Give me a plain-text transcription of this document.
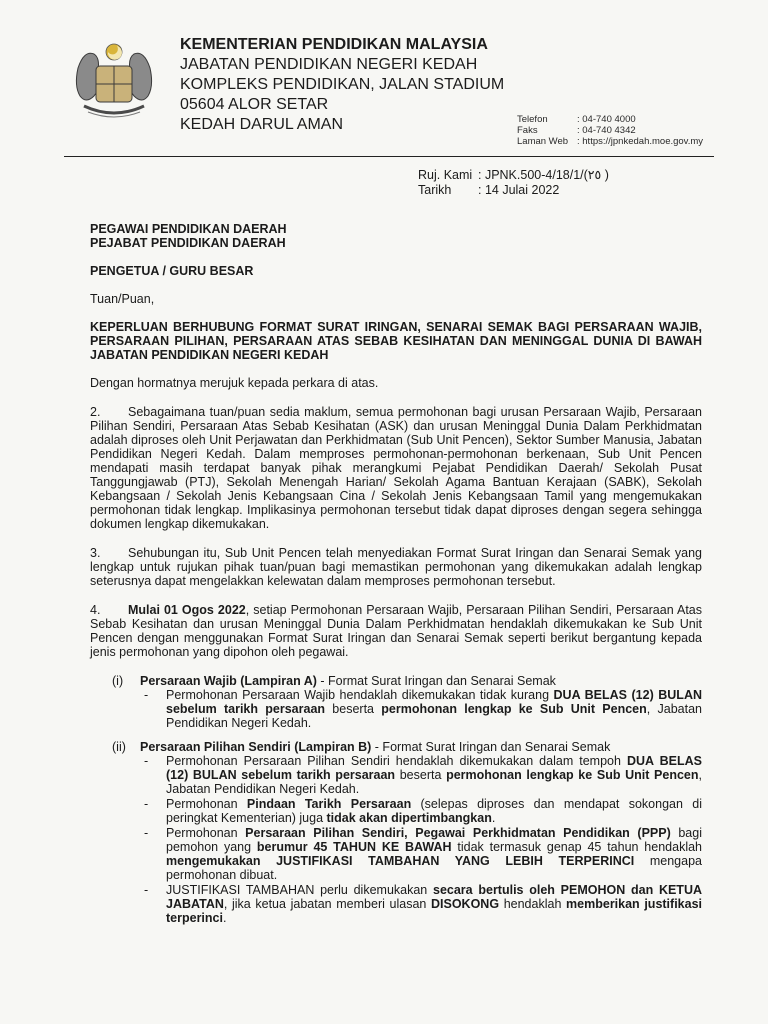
KEMENTERIAN PENDIDIKAN MALAYSIA
JABATAN PENDIDIKAN NEGERI KEDAH
KOMPLEKS PENDIDIKAN, JALAN STADIUM
05604 ALOR SETAR
KEDAH DARUL AMAN	Telefon	: 04-740 4000
Faks	: 04-740 4342
Laman Web : https://jpnkedah.moe.gov.my
Ruj. Kami : JPNK.500-4/18/1/(٢٥ )
Tarikh	: 14 Julai 2022
PEGAWAI PENDIDIKAN DAERAH
PEJABAT PENDIDIKAN DAERAH
PENGETUA / GURU BESAR
Tuan/Puan,
KEPERLUAN BERHUBUNG FORMAT SURAT IRINGAN, SENARAI SEMAK BAGI PERSARAAN WAJIB, PERSARAAN PILIHAN, PERSARAAN ATAS SEBAB KESIHATAN DAN MENINGGAL DUNIA DI BAWAH JABATAN PENDIDIKAN NEGERI KEDAH
Dengan hormatnya merujuk kepada perkara di atas.

2. Sebagaimana tuan/puan sedia maklum, semua permohonan bagi urusan Persaraan Wajib, Persaraan Pilihan Sendiri, Persaraan Atas Sebab Kesihatan (ASK) dan urusan Meninggal Dunia Dalam Perkhidmatan adalah diproses oleh Unit Perjawatan dan Perkhidmatan (Sub Unit Pencen), Sektor Sumber Manusia, Jabatan Pendidikan Negeri Kedah. Dalam memproses permohonan-permohonan berkenaan, Sub Unit Pencen mendapati masih terdapat banyak pihak merangkumi Pejabat Pendidikan Daerah/ Sekolah Pusat Tanggungjawab (PTJ), Sekolah Menengah Harian/ Sekolah Agama Bantuan Kerajaan (SABK), Sekolah Kebangsaan / Sekolah Jenis Kebangsaan Cina / Sekolah Jenis Kebangsaan Tamil yang mengemukakan permohonan tidak lengkap. Implikasinya permohonan tersebut tidak dapat diproses dengan segera sehingga dokumen lengkap dikemukakan.

3. Sehubungan itu, Sub Unit Pencen telah menyediakan Format Surat Iringan dan Senarai Semak yang lengkap untuk rujukan pihak tuan/puan bagi memastikan permohonan yang dikemukakan adalah lengkap seterusnya dapat mengelakkan kelewatan dalam memproses permohonan tersebut.

4. Mulai 01 Ogos 2022, setiap Permohonan Persaraan Wajib, Persaraan Pilihan Sendiri, Persaraan Atas Sebab Kesihatan dan urusan Meninggal Dunia Dalam Perkhidmatan hendaklah dikemukakan ke Sub Unit Pencen dengan menggunakan Format Surat Iringan dan Senarai Semak seperti berikut bergantung kepada jenis permohonan yang dipohon oleh pegawai.

(i)	Persaraan Wajib (Lampiran A) - Format Surat Iringan dan Senarai Semak
-	Permohonan Persaraan Wajib hendaklah dikemukakan tidak kurang DUA BELAS (12) BULAN sebelum tarikh persaraan beserta permohonan lengkap ke Sub Unit Pencen, Jabatan Pendidikan Negeri Kedah.
(ii)	Persaraan Pilihan Sendiri (Lampiran B) - Format Surat Iringan dan Senarai Semak
-	Permohonan Persaraan Pilihan Sendiri hendaklah dikemukakan dalam tempoh DUA BELAS (12) BULAN sebelum tarikh persaraan beserta permohonan lengkap ke Sub Unit Pencen, Jabatan Pendidikan Negeri Kedah.
-	Permohonan Pindaan Tarikh Persaraan (selepas diproses dan mendapat sokongan di peringkat Kementerian) juga tidak akan dipertimbangkan.
-	Permohonan Persaraan Pilihan Sendiri, Pegawai Perkhidmatan Pendidikan (PPP) bagi pemohon yang berumur 45 TAHUN KE BAWAH tidak termasuk genap 45 tahun hendaklah mengemukakan JUSTIFIKASI TAMBAHAN YANG LEBIH TERPERINCI mengapa permohonan dibuat.
-	JUSTIFIKASI TAMBAHAN perlu dikemukakan secara bertulis oleh PEMOHON dan KETUA JABATAN, jika ketua jabatan memberi ulasan DISOKONG hendaklah memberikan justifikasi terperinci.
